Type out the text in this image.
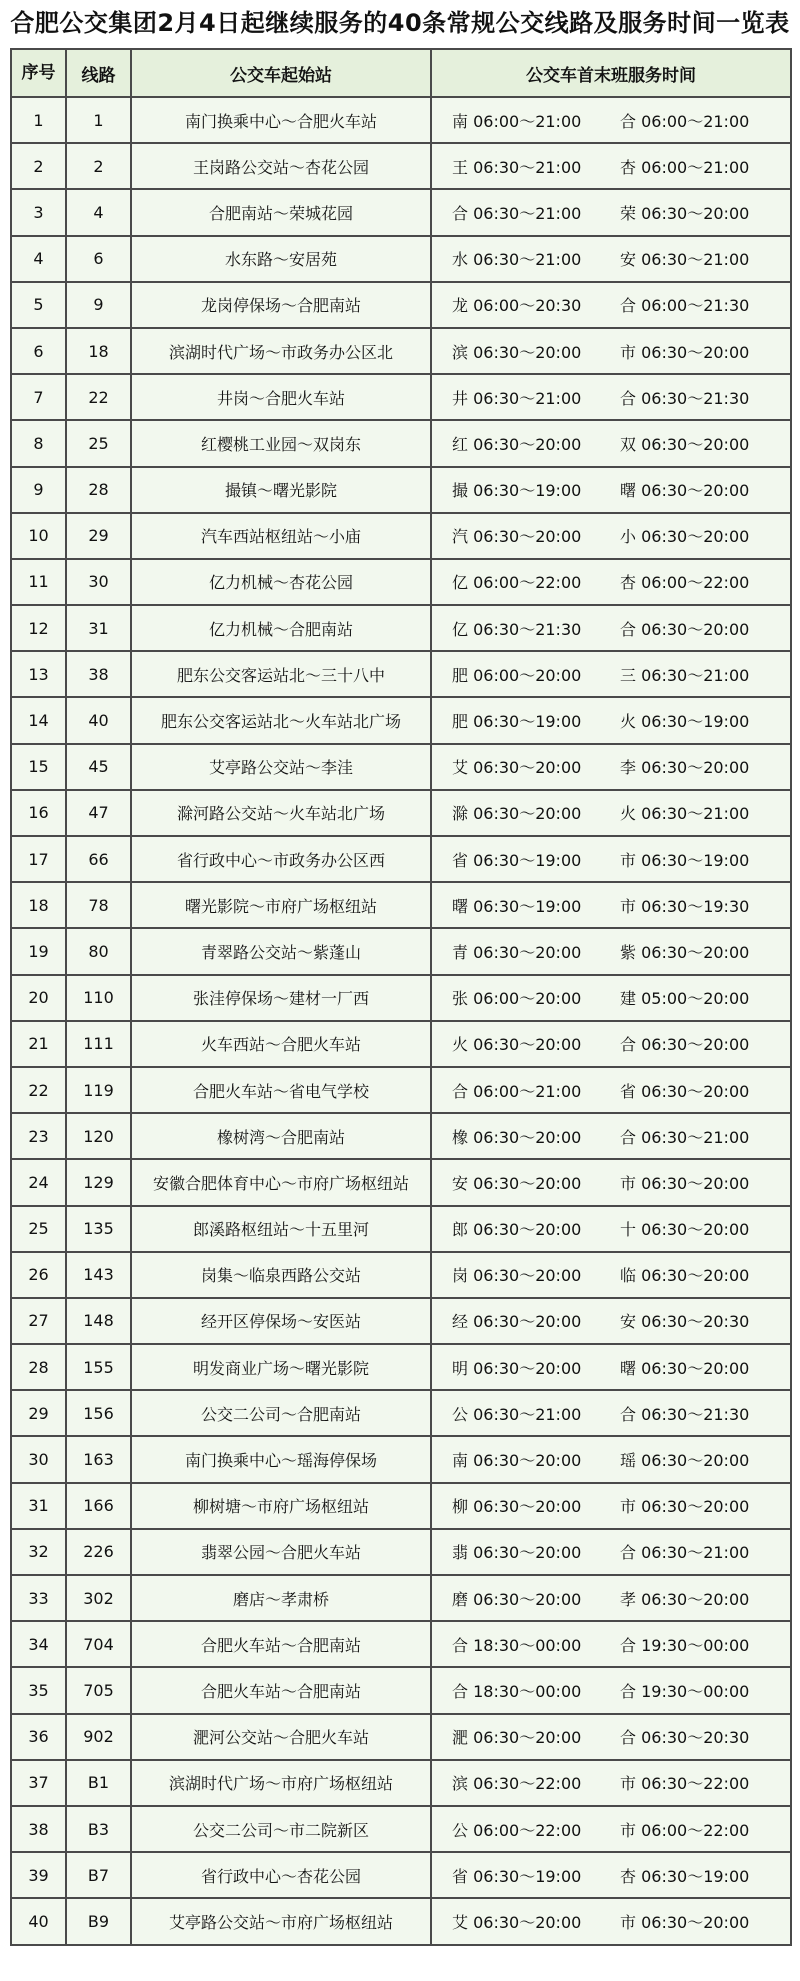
合肥公交集团2月4日起继续服务的40条常规公交线路及服务时间一览表
序号	线路	公交车起始站	公交车首末班服务时间
1	1	南门换乘中心～合肥火车站	南 06:00～21:00 合 06:00～21:00
2	2	王岗路公交站～杏花公园	王 06:30～21:00 杏 06:00～21:00
3	4	合肥南站～荣城花园	合 06:30～21:00 荣 06:30～20:00
4	6	水东路～安居苑	水 06:30～21:00 安 06:30～21:00
5	9	龙岗停保场～合肥南站	龙 06:00～20:30 合 06:00～21:30
6	18	滨湖时代广场～市政务办公区北	滨 06:30～20:00 市 06:30～20:00
7	22	井岗～合肥火车站	井 06:30～21:00 合 06:30～21:30
8	25	红樱桃工业园～双岗东	红 06:30～20:00 双 06:30～20:00
9	28	撮镇～曙光影院	撮 06:30～19:00 曙 06:30～20:00
10	29	汽车西站枢纽站～小庙	汽 06:30～20:00 小 06:30～20:00
11	30	亿力机械～杏花公园	亿 06:00～22:00 杏 06:00～22:00
12	31	亿力机械～合肥南站	亿 06:30～21:30 合 06:30～20:00
13	38	肥东公交客运站北～三十八中	肥 06:00～20:00 三 06:30～21:00
14	40	肥东公交客运站北～火车站北广场	肥 06:30～19:00 火 06:30～19:00
15	45	艾亭路公交站～李洼	艾 06:30～20:00 李 06:30～20:00
16	47	滁河路公交站～火车站北广场	滁 06:30～20:00 火 06:30～21:00
17	66	省行政中心～市政务办公区西	省 06:30～19:00 市 06:30～19:00
18	78	曙光影院～市府广场枢纽站	曙 06:30～19:00 市 06:30～19:30
19	80	青翠路公交站～紫蓬山	青 06:30～20:00 紫 06:30～20:00
20	110	张洼停保场～建材一厂西	张 06:00～20:00 建 05:00～20:00
21	111	火车西站～合肥火车站	火 06:30～20:00 合 06:30～20:00
22	119	合肥火车站～省电气学校	合 06:00～21:00 省 06:30～20:00
23	120	橡树湾～合肥南站	橡 06:30～20:00 合 06:30～21:00
24	129	安徽合肥体育中心～市府广场枢纽站	安 06:30～20:00 市 06:30～20:00
25	135	郎溪路枢纽站～十五里河	郎 06:30～20:00 十 06:30～20:00
26	143	岗集～临泉西路公交站	岗 06:30～20:00 临 06:30～20:00
27	148	经开区停保场～安医站	经 06:30～20:00 安 06:30～20:30
28	155	明发商业广场～曙光影院	明 06:30～20:00 曙 06:30～20:00
29	156	公交二公司～合肥南站	公 06:30～21:00 合 06:30～21:30
30	163	南门换乘中心～瑶海停保场	南 06:30～20:00 瑶 06:30～20:00
31	166	柳树塘～市府广场枢纽站	柳 06:30～20:00 市 06:30～20:00
32	226	翡翠公园～合肥火车站	翡 06:30～20:00 合 06:30～21:00
33	302	磨店～孝肃桥	磨 06:30～20:00 孝 06:30～20:00
34	704	合肥火车站～合肥南站	合 18:30～00:00 合 19:30～00:00
35	705	合肥火车站～合肥南站	合 18:30～00:00 合 19:30～00:00
36	902	淝河公交站～合肥火车站	淝 06:30～20:00 合 06:30～20:30
37	B1	滨湖时代广场～市府广场枢纽站	滨 06:30～22:00 市 06:30～22:00
38	B3	公交二公司～市二院新区	公 06:00～22:00 市 06:00～22:00
39	B7	省行政中心～杏花公园	省 06:30～19:00 杏 06:30～19:00
40	B9	艾亭路公交站～市府广场枢纽站	艾 06:30～20:00 市 06:30～20:00
